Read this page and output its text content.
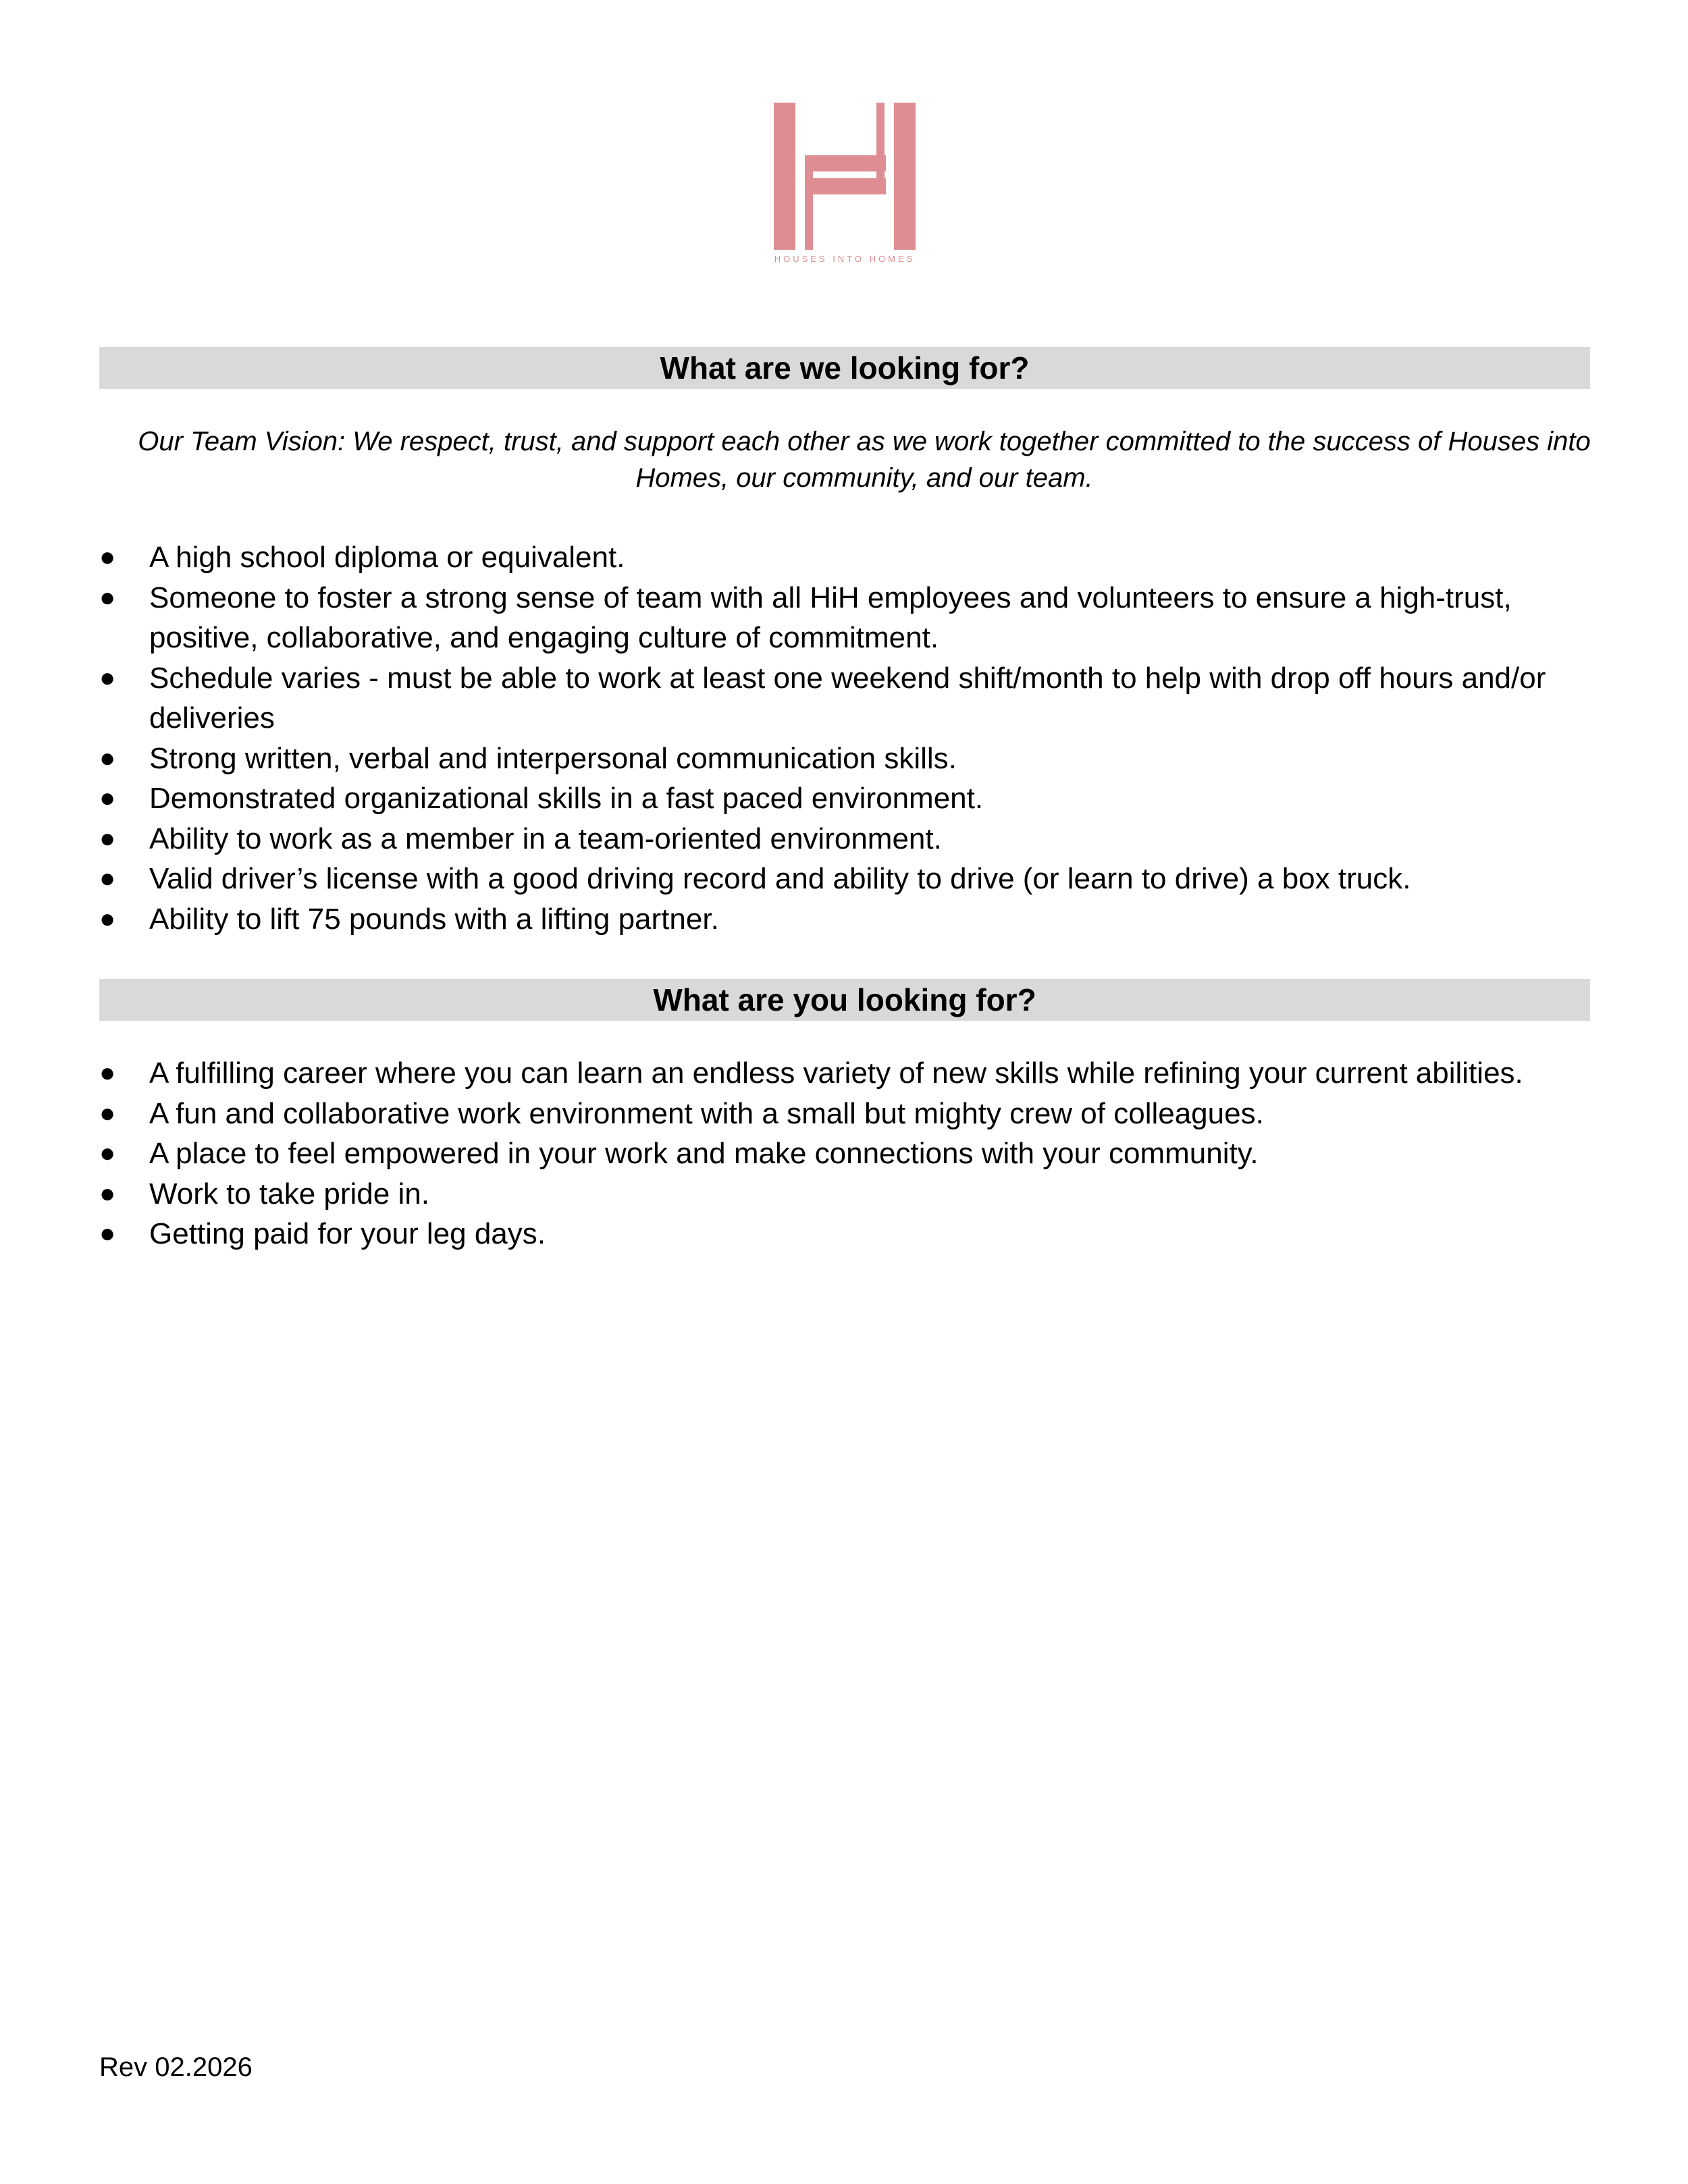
HOUSES INTO HOMES
What are we looking for?
Our Team Vision: We respect, trust, and support each other as we work together committed to the success of Houses into Homes, our community, and our team.
● A high school diploma or equivalent.
● Someone to foster a strong sense of team with all HiH employees and volunteers to ensure a high-trust, positive, collaborative, and engaging culture of commitment.
● Schedule varies - must be able to work at least one weekend shift/month to help with drop off hours and/or deliveries
● Strong written, verbal and interpersonal communication skills.
● Demonstrated organizational skills in a fast paced environment.
● Ability to work as a member in a team-oriented environment.
● Valid driver’s license with a good driving record and ability to drive (or learn to drive) a box truck.
● Ability to lift 75 pounds with a lifting partner.
What are you looking for?
● A fulfilling career where you can learn an endless variety of new skills while refining your current abilities.
● A fun and collaborative work environment with a small but mighty crew of colleagues.
● A place to feel empowered in your work and make connections with your community.
● Work to take pride in.
● Getting paid for your leg days.
Rev 02.2026
